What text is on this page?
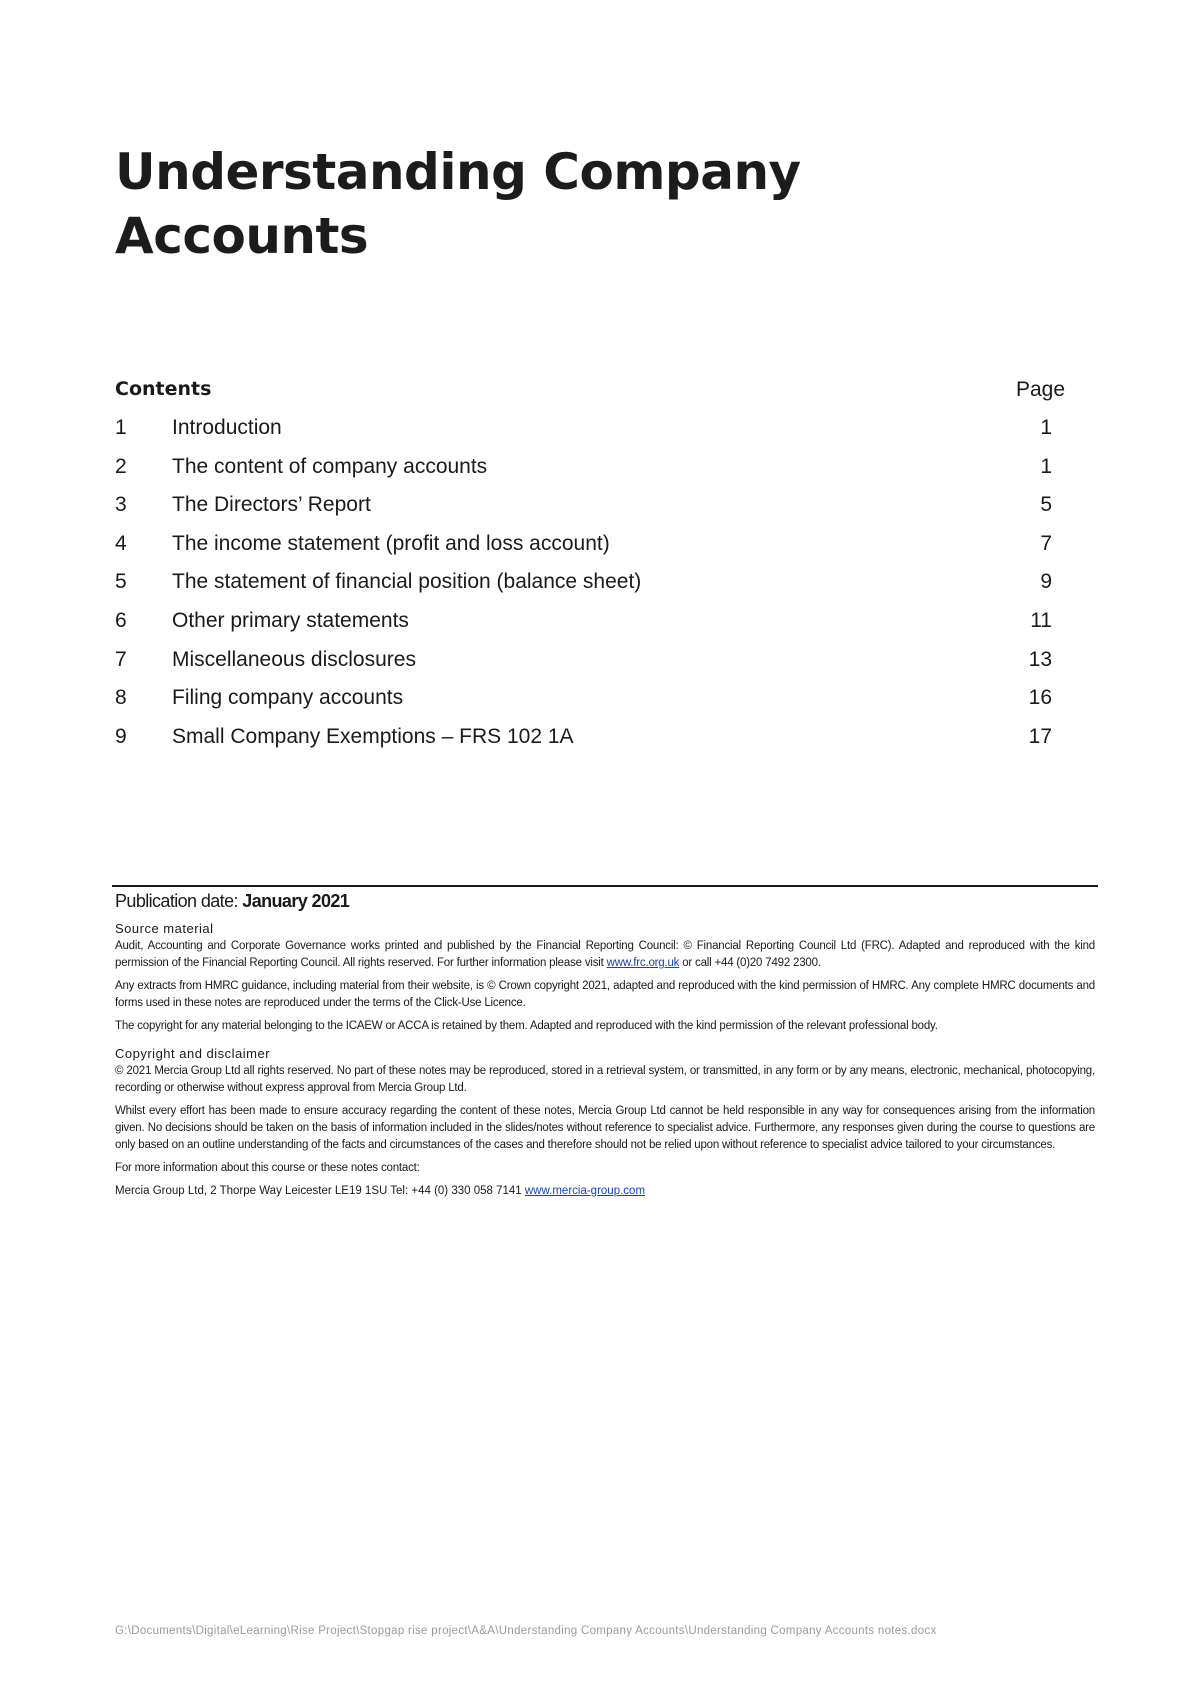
Understanding Company
Accounts
Contents	Page
1 Introduction	1
2 The content of company accounts	1
3 The Directors’ Report	5
4 The income statement (profit and loss account)	7
5 The statement of financial position (balance sheet)	9
6 Other primary statements	11
7 Miscellaneous disclosures	13
8 Filing company accounts	16
9 Small Company Exemptions – FRS 102 1A	17

Publication date: January 2021

Source material

Audit, Accounting and Corporate Governance works printed and published by the Financial Reporting Council: © Financial Reporting Council Ltd (FRC). Adapted and reproduced with the kind permission of the Financial Reporting Council. All rights reserved. For further information please visit www.frc.org.uk or call +44 (0)20 7492 2300.

Any extracts from HMRC guidance, including material from their website, is © Crown copyright 2021, adapted and reproduced with the kind permission of HMRC. Any complete HMRC documents and forms used in these notes are reproduced under the terms of the Click-Use Licence.

The copyright for any material belonging to the ICAEW or ACCA is retained by them. Adapted and reproduced with the kind permission of the relevant professional body.

Copyright and disclaimer

© 2021 Mercia Group Ltd all rights reserved. No part of these notes may be reproduced, stored in a retrieval system, or transmitted, in any form or by any means, electronic, mechanical, photocopying, recording or otherwise without express approval from Mercia Group Ltd.

Whilst every effort has been made to ensure accuracy regarding the content of these notes, Mercia Group Ltd cannot be held responsible in any way for consequences arising from the information given. No decisions should be taken on the basis of information included in the slides/notes without reference to specialist advice. Furthermore, any responses given during the course to questions are only based on an outline understanding of the facts and circumstances of the cases and therefore should not be relied upon without reference to specialist advice tailored to your circumstances.

For more information about this course or these notes contact:

Mercia Group Ltd, 2 Thorpe Way Leicester LE19 1SU Tel: +44 (0) 330 058 7141 www.mercia-group.com

G:\Documents\Digital\eLearning\Rise Project\Stopgap rise project\A&A\Understanding Company Accounts\Understanding Company Accounts notes.docx
